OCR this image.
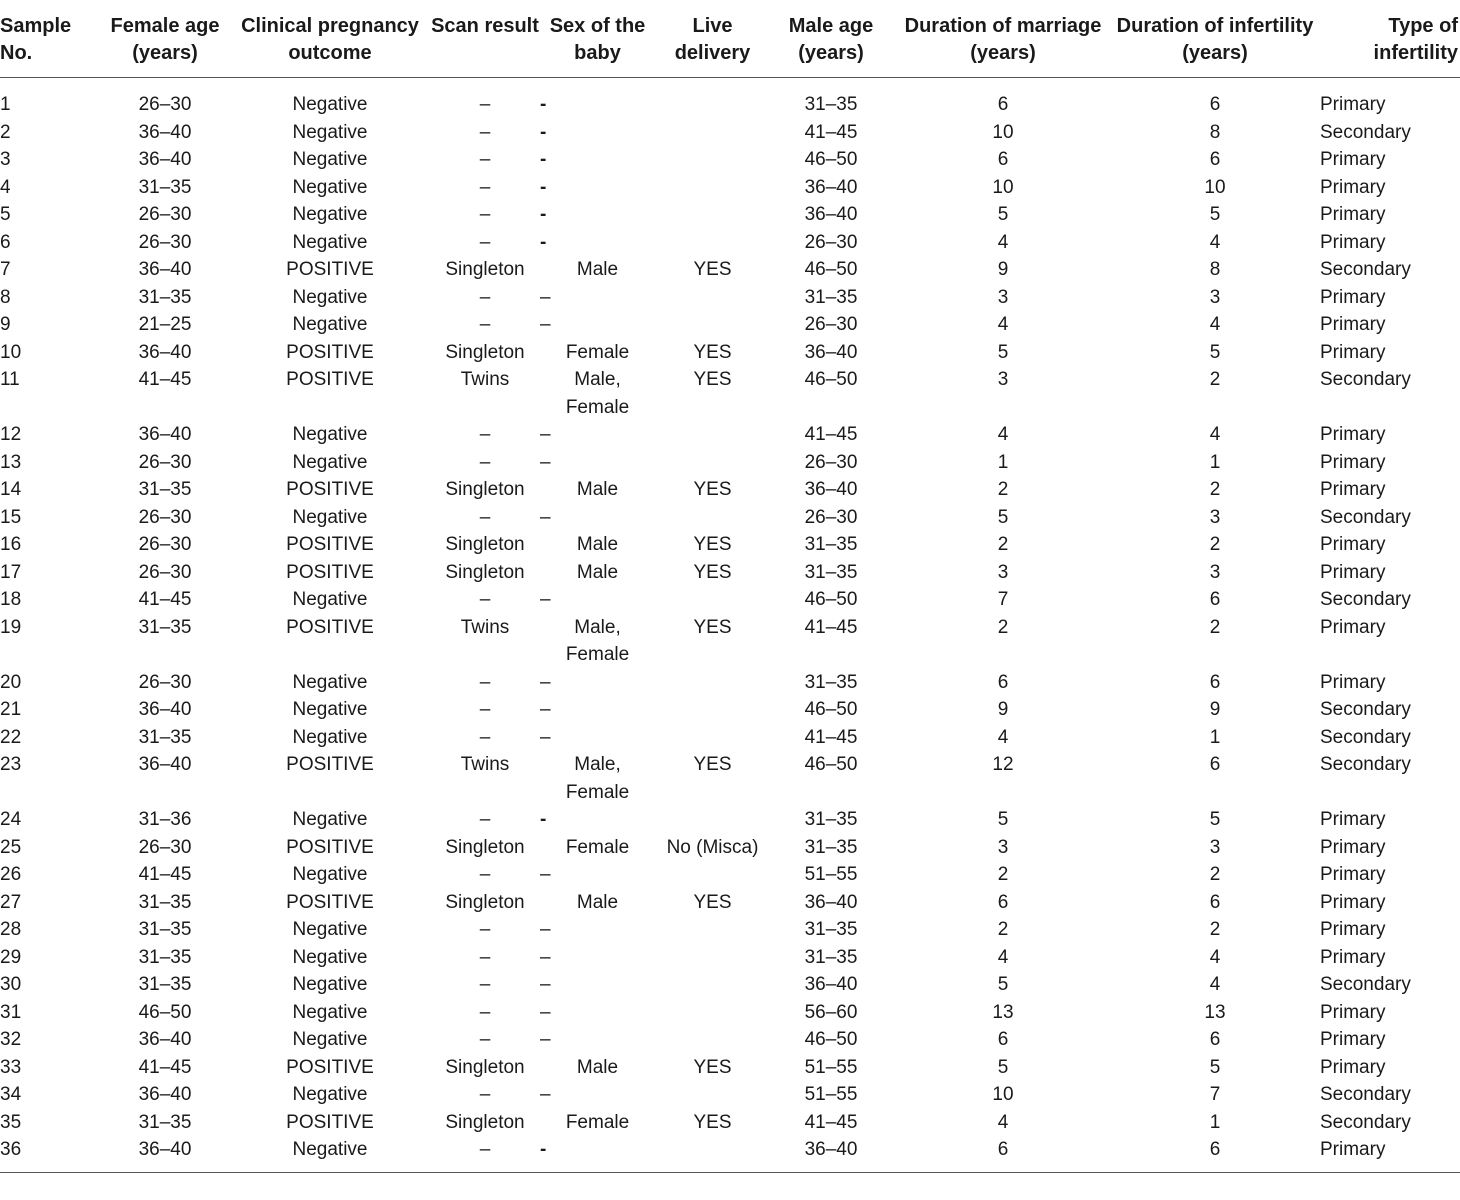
Sample No.	Female age (years)	Clinical pregnancy outcome	Scan result	Sex of the baby	Live delivery	Male age (years)	Duration of marriage (years)	Duration of infertility (years)	Type of infertility
1	26–30	Negative	–	-		31–35	6	6	Primary
2	36–40	Negative	–	-		41–45	10	8	Secondary
3	36–40	Negative	–	-		46–50	6	6	Primary
4	31–35	Negative	–	-		36–40	10	10	Primary
5	26–30	Negative	–	-		36–40	5	5	Primary
6	26–30	Negative	–	-		26–30	4	4	Primary
7	36–40	POSITIVE	Singleton	Male	YES	46–50	9	8	Secondary
8	31–35	Negative	–	–		31–35	3	3	Primary
9	21–25	Negative	–	–		26–30	4	4	Primary
10	36–40	POSITIVE	Singleton	Female	YES	36–40	5	5	Primary
11	41–45	POSITIVE	Twins	Male, Female	YES	46–50	3	2	Secondary
12	36–40	Negative	–	–		41–45	4	4	Primary
13	26–30	Negative	–	–		26–30	1	1	Primary
14	31–35	POSITIVE	Singleton	Male	YES	36–40	2	2	Primary
15	26–30	Negative	–	–		26–30	5	3	Secondary
16	26–30	POSITIVE	Singleton	Male	YES	31–35	2	2	Primary
17	26–30	POSITIVE	Singleton	Male	YES	31–35	3	3	Primary
18	41–45	Negative	–	–		46–50	7	6	Secondary
19	31–35	POSITIVE	Twins	Male, Female	YES	41–45	2	2	Primary
20	26–30	Negative	–	–		31–35	6	6	Primary
21	36–40	Negative	–	–		46–50	9	9	Secondary
22	31–35	Negative	–	–		41–45	4	1	Secondary
23	36–40	POSITIVE	Twins	Male, Female	YES	46–50	12	6	Secondary
24	31–36	Negative	–	-		31–35	5	5	Primary
25	26–30	POSITIVE	Singleton	Female	No (Misca)	31–35	3	3	Primary
26	41–45	Negative	–	–		51–55	2	2	Primary
27	31–35	POSITIVE	Singleton	Male	YES	36–40	6	6	Primary
28	31–35	Negative	–	–		31–35	2	2	Primary
29	31–35	Negative	–	–		31–35	4	4	Primary
30	31–35	Negative	–	–		36–40	5	4	Secondary
31	46–50	Negative	–	–		56–60	13	13	Primary
32	36–40	Negative	–	–		46–50	6	6	Primary
33	41–45	POSITIVE	Singleton	Male	YES	51–55	5	5	Primary
34	36–40	Negative	–	–		51–55	10	7	Secondary
35	31–35	POSITIVE	Singleton	Female	YES	41–45	4	1	Secondary
36	36–40	Negative	–	-		36–40	6	6	Primary
